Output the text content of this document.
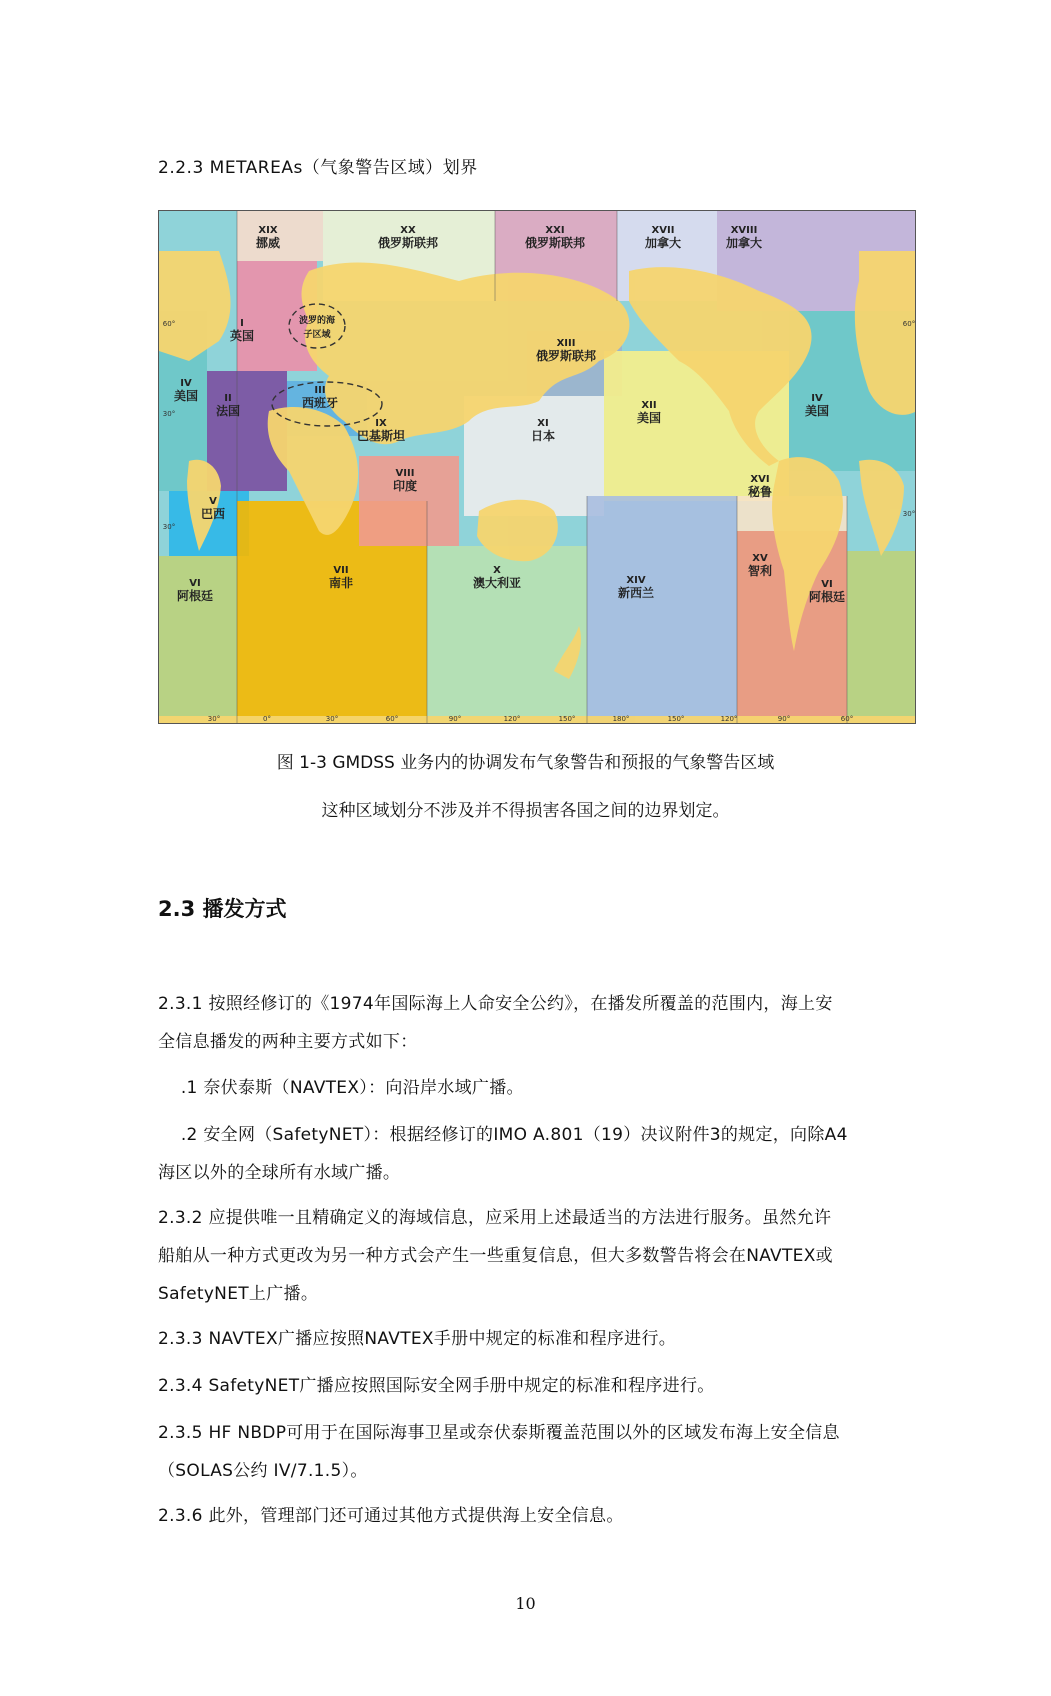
2.2.3 METAREAs（气象警告区域）划界
XIX
挪威
XX
俄罗斯联邦
XXI
俄罗斯联邦
XVII
加拿大
XVIII
加拿大
I
英国
波罗的海
子区域
III
西班牙
IV
美国	II
法国
IX
巴基斯坦
XIII
俄罗斯联邦
XI
日本
XII
美国
IV
美国
V
巴西
VIII
印度	XVI
秘鲁
VII
南非
X
澳大利亚	XIV
新西兰
XV
智利
VI
阿根廷
VI
阿根廷
30°	0°	30°	60°	90°	120°	150°	180°	150°	120°	90°	60°
60°
30°
30°
60°
30°
图 1-3 GMDSS 业务内的协调发布气象警告和预报的气象警告区域
这种区域划分不涉及并不得损害各国之间的边界划定。
2.3 播发方式
2.3.1 按照经修订的《1974年国际海上人命安全公约》，在播发所覆盖的范围内，海上安
全信息播发的两种主要方式如下：
.1 奈伏泰斯（NAVTEX）：向沿岸水域广播。
.2 安全网（SafetyNET）：根据经修订的IMO A.801（19）决议附件3的规定，向除A4
海区以外的全球所有水域广播。
2.3.2 应提供唯一且精确定义的海域信息，应采用上述最适当的方法进行服务。虽然允许
船舶从一种方式更改为另一种方式会产生一些重复信息，但大多数警告将会在NAVTEX或
SafetyNET上广播。
2.3.3 NAVTEX广播应按照NAVTEX手册中规定的标准和程序进行。
2.3.4 SafetyNET广播应按照国际安全网手册中规定的标准和程序进行。
2.3.5 HF NBDP可用于在国际海事卫星或奈伏泰斯覆盖范围以外的区域发布海上安全信息
（SOLAS公约 IV/7.1.5）。
2.3.6 此外，管理部门还可通过其他方式提供海上安全信息。
10
